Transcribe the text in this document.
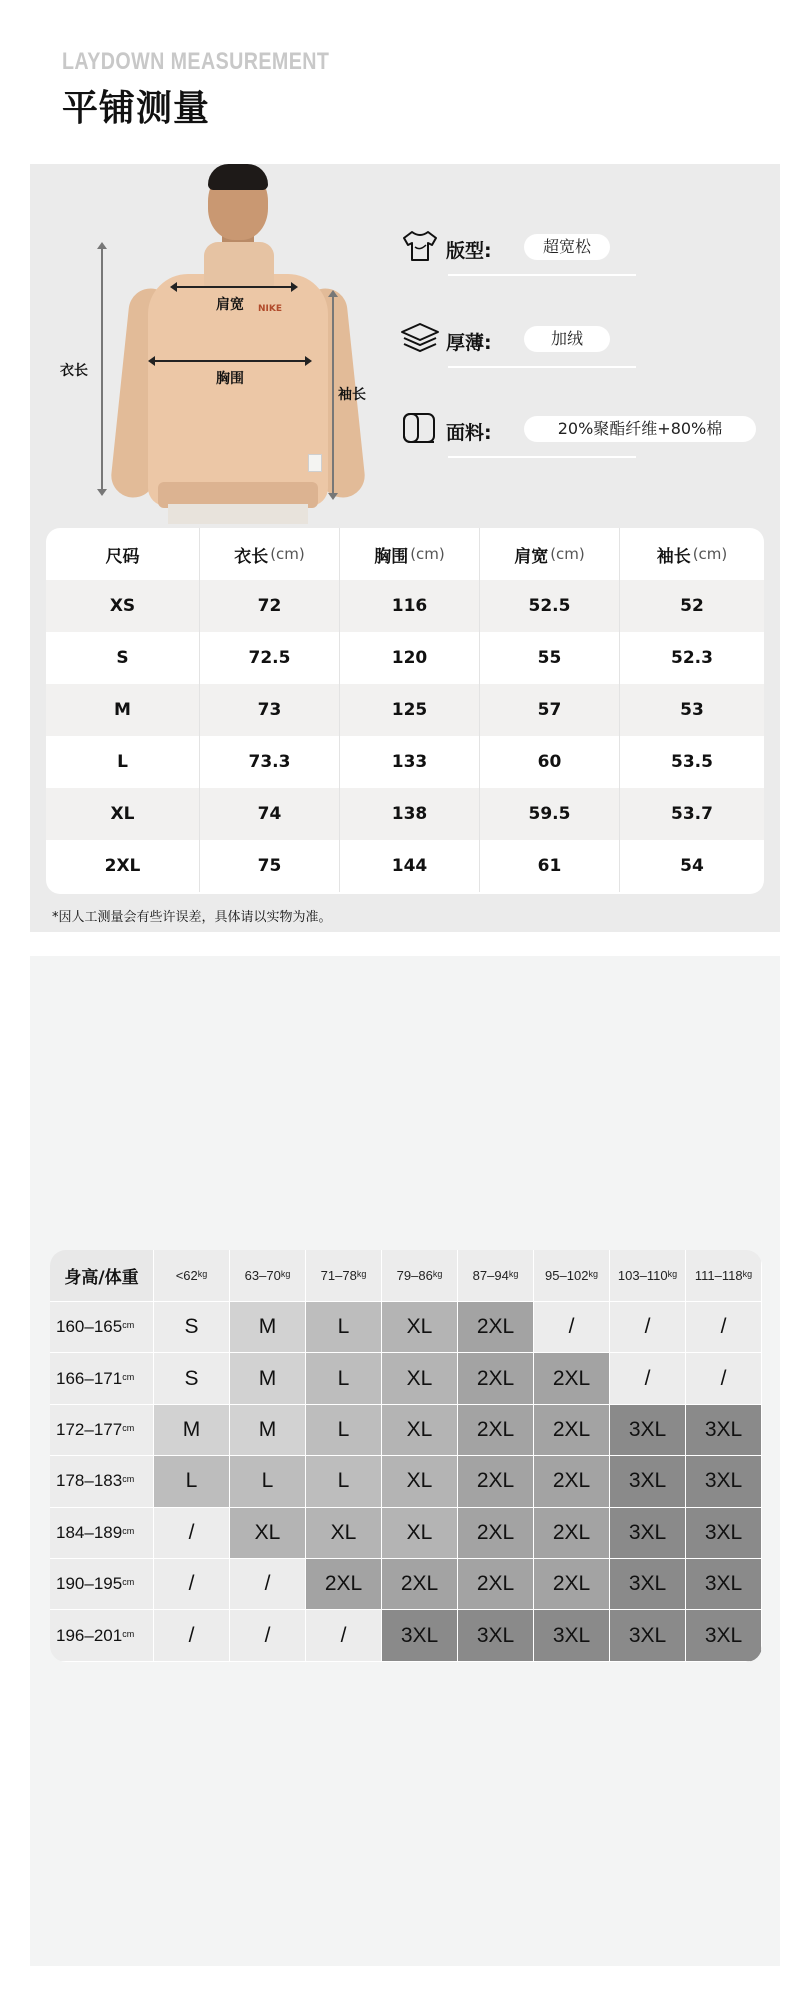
LAYDOWN MEASUREMENT
平铺测量
NIKE
肩宽
胸围
衣长
袖长
版型:	超宽松
厚薄:	加绒
面料:	20%聚酯纤维+80%棉
尺码	衣长 (cm)	胸围 (cm)	肩宽 (cm)	袖长 (cm)
XS	72	116	52.5	52
S	72.5	120	55	52.3
M	73	125	57	53
L	73.3	133	60	53.5
XL	74	138	59.5	53.7
2XL	75	144	61	54
*因人工测量会有些许误差，具体请以实物为准。
身高/体重	$<62^{kg}$	$63-70^{kg}$	$71-78^{kg}$	$79-86^{kg}$	$87-94^{kg}$	$95-102^{kg}$	$103-110^{kg}$	$111-118^{kg}$
$160-165^{cm}$	S	M	L	XL	2XL	/	/	/
$166-171^{cm}$	S	M	L	XL	2XL	2XL	/	/
$172-177^{cm}$	M	M	L	XL	2XL	2XL	3XL	3XL
$178-183^{cm}$	L	L	L	XL	2XL	2XL	3XL	3XL
$184-189^{cm}$	/	XL	XL	XL	2XL	2XL	3XL	3XL
$190-195^{cm}$	/	/	2XL	2XL	2XL	2XL	3XL	3XL
$196-201^{cm}$	/	/	/	3XL	3XL	3XL	3XL	3XL
